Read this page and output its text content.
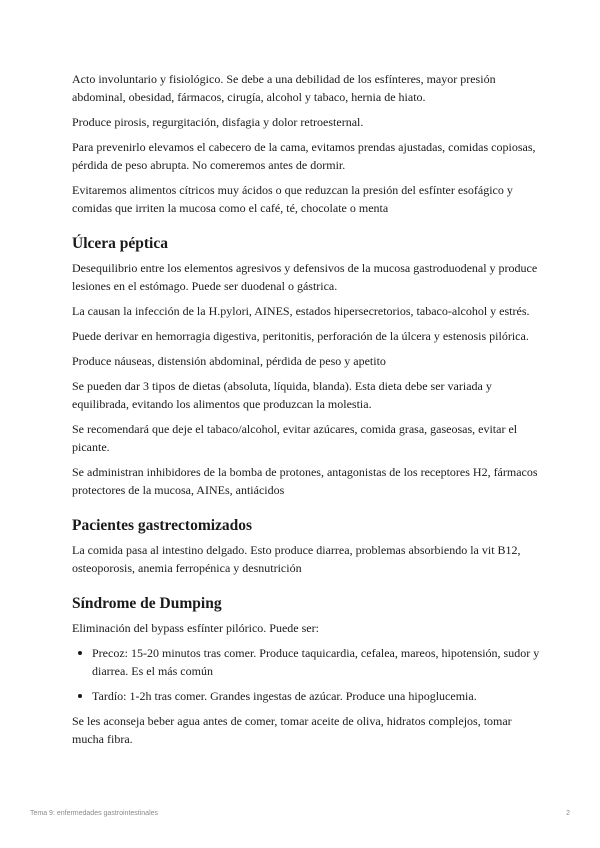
Acto involuntario y fisiológico. Se debe a una debilidad de los esfínteres, mayor presión abdominal, obesidad, fármacos, cirugía, alcohol y tabaco, hernia de hiato.

Produce pirosis, regurgitación, disfagia y dolor retroesternal.

Para prevenirlo elevamos el cabecero de la cama, evitamos prendas ajustadas, comidas copiosas, pérdida de peso abrupta. No comeremos antes de dormir.

Evitaremos alimentos cítricos muy ácidos o que reduzcan la presión del esfínter esofágico y comidas que irriten la mucosa como el café, té, chocolate o menta

Úlcera péptica

Desequilibrio entre los elementos agresivos y defensivos de la mucosa gastroduodenal y produce lesiones en el estómago. Puede ser duodenal o gástrica.

La causan la infección de la H.pylori, AINES, estados hipersecretorios, tabaco-alcohol y estrés.

Puede derivar en hemorragia digestiva, peritonitis, perforación de la úlcera y estenosis pilórica.

Produce náuseas, distensión abdominal, pérdida de peso y apetito

Se pueden dar 3 tipos de dietas (absoluta, líquida, blanda). Esta dieta debe ser variada y equilibrada, evitando los alimentos que produzcan la molestia.

Se recomendará que deje el tabaco/alcohol, evitar azúcares, comida grasa, gaseosas, evitar el picante.

Se administran inhibidores de la bomba de protones, antagonistas de los receptores H2, fármacos protectores de la mucosa, AINEs, antiácidos

Pacientes gastrectomizados

La comida pasa al intestino delgado. Esto produce diarrea, problemas absorbiendo la vit B12, osteoporosis, anemia ferropénica y desnutrición

Síndrome de Dumping

Eliminación del bypass esfínter pilórico. Puede ser:

Precoz: 15-20 minutos tras comer. Produce taquicardia, cefalea, mareos, hipotensión, sudor y diarrea. Es el más común
Tardío: 1-2h tras comer. Grandes ingestas de azúcar. Produce una hipoglucemia.

Se les aconseja beber agua antes de comer, tomar aceite de oliva, hidratos complejos, tomar mucha fibra.

Tema 9: enfermedades gastrointestinales	2
